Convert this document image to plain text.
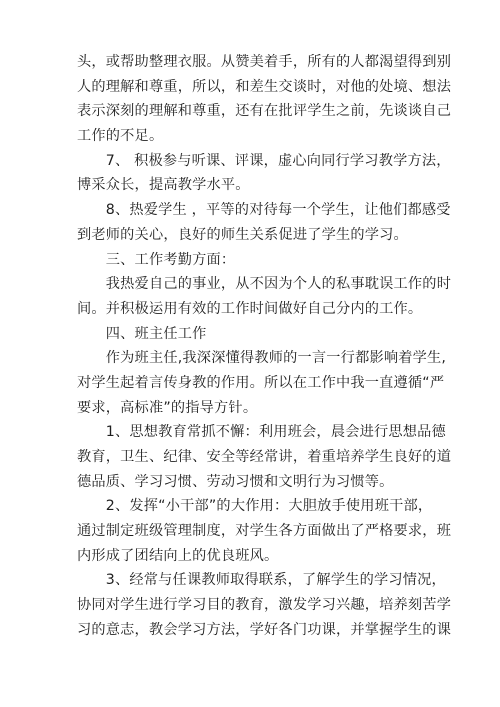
头，或帮助整理衣服。从赞美着手，所有的人都渴望得到别
人的理解和尊重，所以，和差生交谈时，对他的处境、想法
表示深刻的理解和尊重，还有在批评学生之前，先谈谈自己
工作的不足。
　　7、 积极参与听课、评课，虚心向同行学习教学方法，
博采众长，提高教学水平。
　　8、热爱学生 ，平等的对待每一个学生，让他们都感受
到老师的关心，良好的师生关系促进了学生的学习。
　　三、工作考勤方面：
　　我热爱自己的事业，从不因为个人的私事耽误工作的时
间。并积极运用有效的工作时间做好自己分内的工作。
　　四、班主任工作
　　作为班主任,我深深懂得教师的一言一行都影响着学生,
对学生起着言传身教的作用。所以在工作中我一直遵循“严
要求，高标准”的指导方针。
　　1、思想教育常抓不懈：利用班会，晨会进行思想品德
教育，卫生、纪律、安全等经常讲，着重培养学生良好的道
德品质、学习习惯、劳动习惯和文明行为习惯等。
　　2、发挥“小干部”的大作用：大胆放手使用班干部，
通过制定班级管理制度，对学生各方面做出了严格要求，班
内形成了团结向上的优良班风。
　　3、经常与任课教师取得联系，了解学生的学习情况，
协同对学生进行学习目的教育，激发学习兴趣，培养刻苦学
习的意志，教会学习方法，学好各门功课，并掌握学生的课
